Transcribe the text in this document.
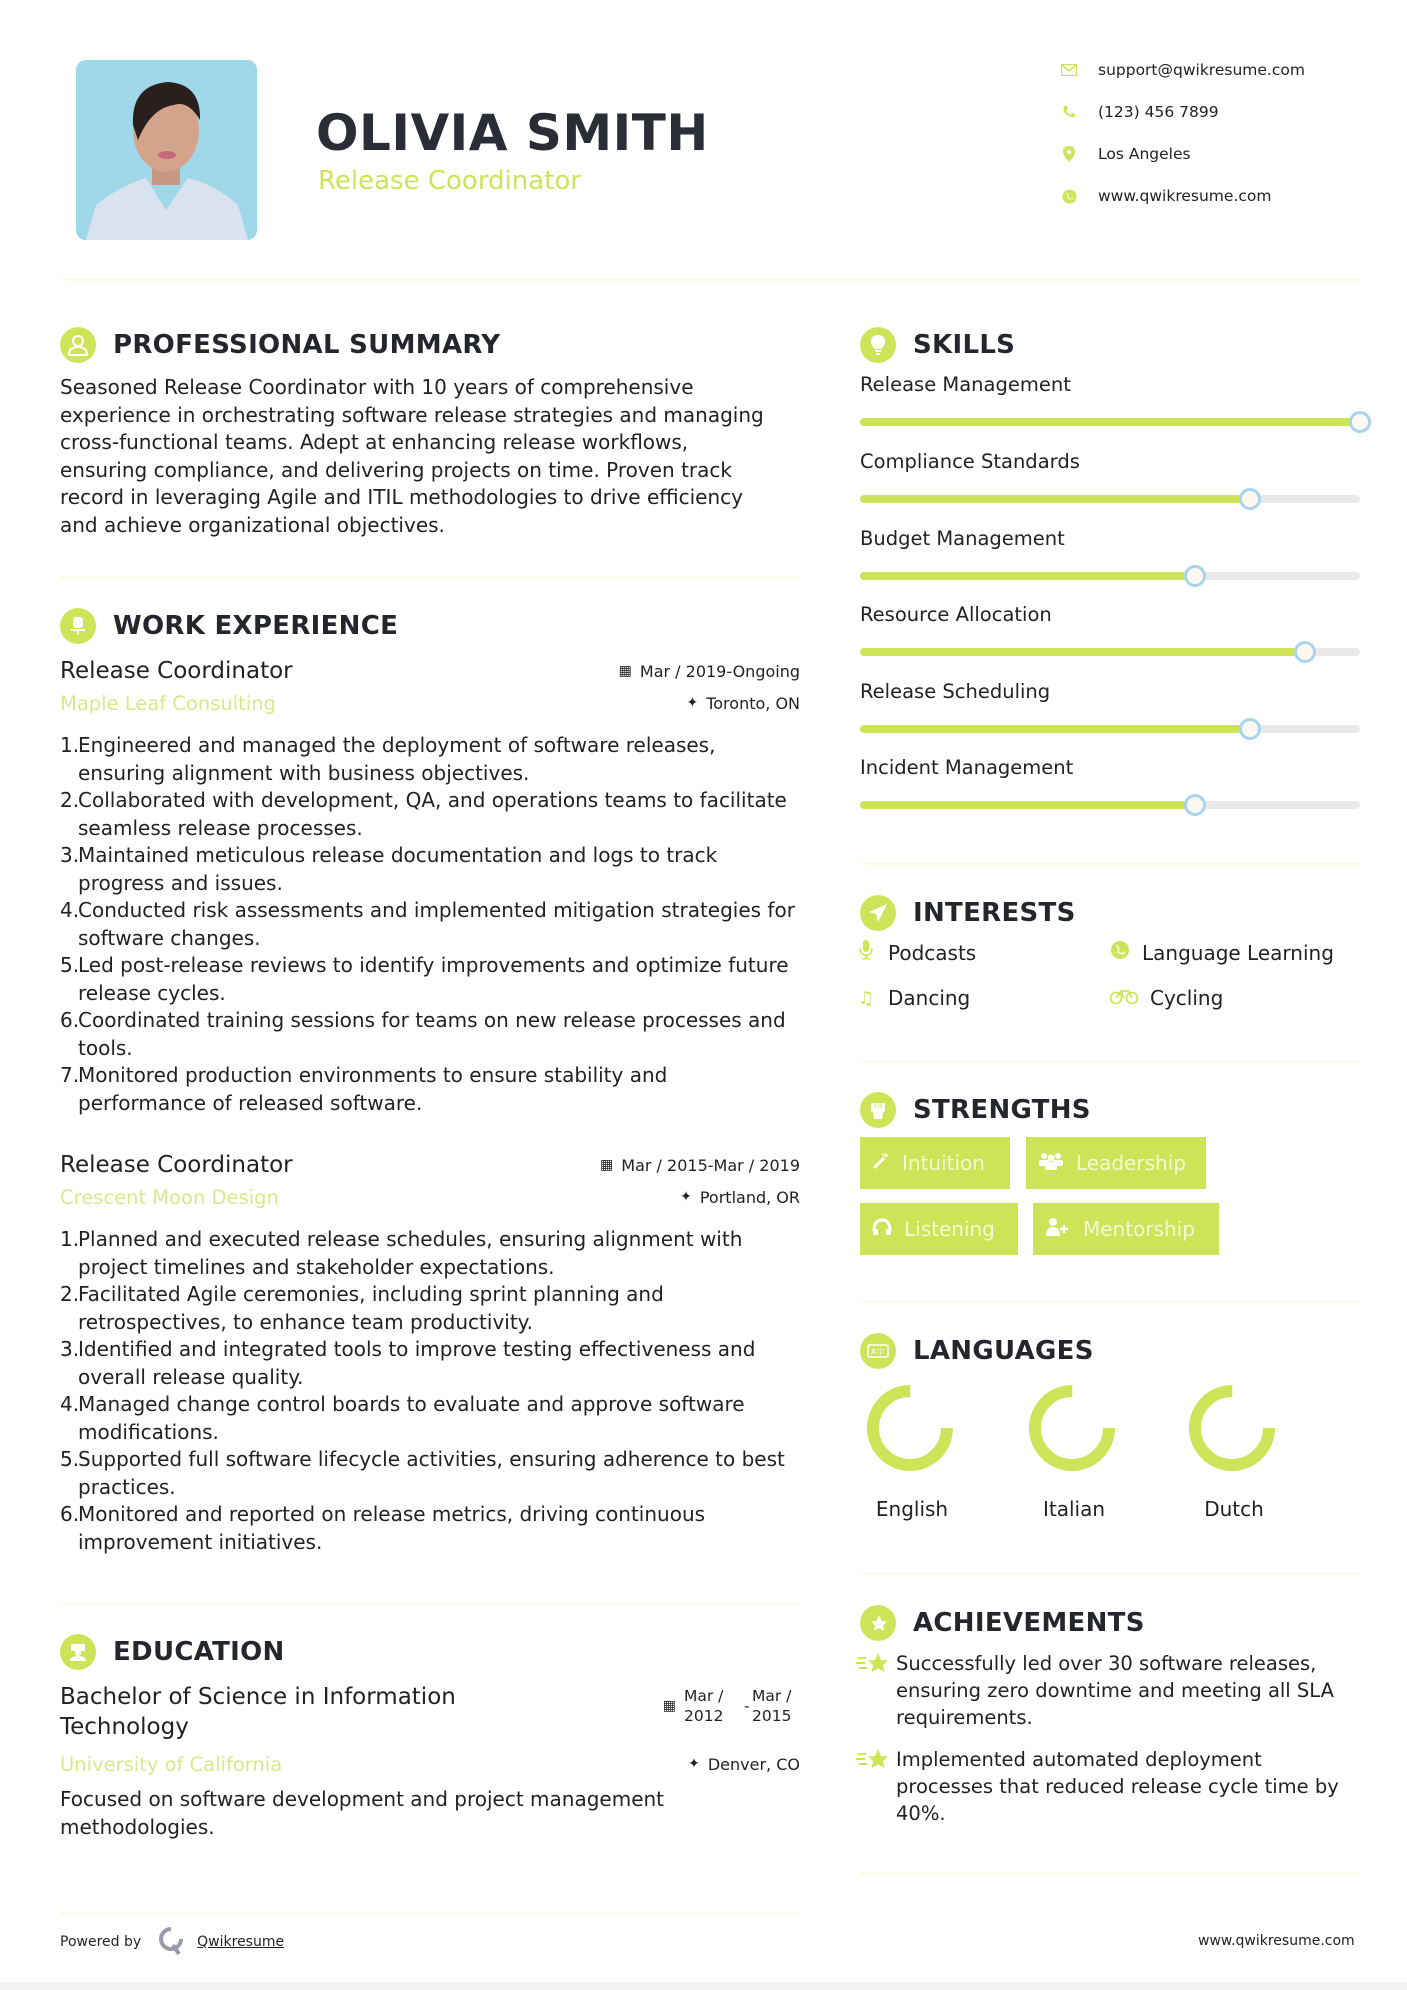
OLIVIA SMITH
Release Coordinator
support@qwikresume.com
(123) 456 7899
Los Angeles
www.qwikresume.com
PROFESSIONAL SUMMARY
Seasoned Release Coordinator with 10 years of comprehensive experience in orchestrating software release strategies and managing cross-functional teams. Adept at enhancing release workflows, ensuring compliance, and delivering projects on time. Proven track record in leveraging Agile and ITIL methodologies to drive efficiency and achieve organizational objectives.
WORK EXPERIENCE
Release Coordinator	▦ Mar / 2019-Ongoing
Maple Leaf Consulting	✦ Toronto, ON
1.
Engineered and managed the deployment of software releases, ensuring alignment with business objectives.
2.
Collaborated with development, QA, and operations teams to facilitate seamless release processes.
3.
Maintained meticulous release documentation and logs to track progress and issues.
4.
Conducted risk assessments and implemented mitigation strategies for software changes.
5.
Led post-release reviews to identify improvements and optimize future release cycles.
6.
Coordinated training sessions for teams on new release processes and tools.
7.
Monitored production environments to ensure stability and performance of released software.
Release Coordinator	▦ Mar / 2015-Mar / 2019
Crescent Moon Design	✦ Portland, OR
1.
Planned and executed release schedules, ensuring alignment with project timelines and stakeholder expectations.
2.
Facilitated Agile ceremonies, including sprint planning and retrospectives, to enhance team productivity.
3.
Identified and integrated tools to improve testing effectiveness and overall release quality.
4.
Managed change control boards to evaluate and approve software modifications.
5.
Supported full software lifecycle activities, ensuring adherence to best practices.
6.
Monitored and reported on release metrics, driving continuous improvement initiatives.
EDUCATION
Bachelor of Science in Information Technology
▦
Mar / 2012
-
Mar / 2015
University of California	✦ Denver, CO
Focused on software development and project management methodologies.
Powered by	Qwikresume	www.qwikresume.com
SKILLS
Release Management
Compliance Standards
Budget Management
Resource Allocation
Release Scheduling
Incident Management
INTERESTS
Podcasts	Language Learning
♫ Dancing	Cycling
STRENGTHS
Intuition	Leadership
Listening	Mentorship
A字 LANGUAGES
English	Italian	Dutch
ACHIEVEMENTS
Successfully led over 30 software releases, ensuring zero downtime and meeting all SLA requirements.
Implemented automated deployment processes that reduced release cycle time by 40%.
